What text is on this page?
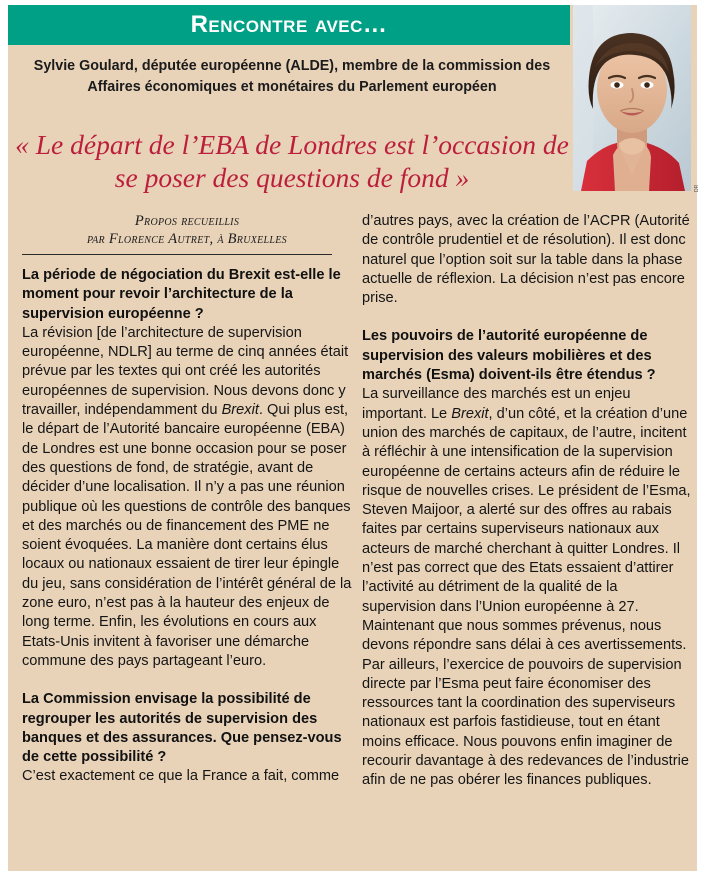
Rencontre avec…
DR
Sylvie Goulard, députée européenne (ALDE), membre de la commission des Affaires économiques et monétaires du Parlement européen
« Le départ de l’EBA de Londres est l’occasion de se poser des questions de fond »
Propos recueillis
par Florence Autret, à Bruxelles

La période de négociation du Brexit est-elle le moment pour revoir l’architecture de la supervision européenne ?

La révision [de l’architecture de supervision européenne, NDLR] au terme de cinq années était prévue par les textes qui ont créé les autorités européennes de supervision. Nous devons donc y travailler, indépendamment du Brexit. Qui plus est, le départ de l’Autorité bancaire européenne (EBA) de Londres est une bonne occasion pour se poser des questions de fond, de stratégie, avant de décider d’une localisation. Il n’y a pas une réunion publique où les questions de contrôle des banques et des marchés ou de financement des PME ne soient évoquées. La manière dont certains élus locaux ou nationaux essaient de tirer leur épingle du jeu, sans considération de l’intérêt général de la zone euro, n’est pas à la hauteur des enjeux de long terme. Enfin, les évolutions en cours aux Etats-Unis invitent à favoriser une démarche commune des pays partageant l’euro.

La Commission envisage la possibilité de regrouper les autorités de supervision des banques et des assurances. Que pensez-vous de cette possibilité ?

C’est exactement ce que la France a fait, comme

d’autres pays, avec la création de l’ACPR (Autorité de contrôle prudentiel et de résolution). Il est donc naturel que l’option soit sur la table dans la phase actuelle de réflexion. La décision n’est pas encore prise.

Les pouvoirs de l’autorité européenne de supervision des valeurs mobilières et des marchés (Esma) doivent-ils être étendus ?

La surveillance des marchés est un enjeu important. Le Brexit, d’un côté, et la création d’une union des marchés de capitaux, de l’autre, incitent à réfléchir à une intensification de la supervision européenne de certains acteurs afin de réduire le risque de nouvelles crises. Le président de l’Esma, Steven Maijoor, a alerté sur des offres au rabais faites par certains superviseurs nationaux aux acteurs de marché cherchant à quitter Londres. Il n’est pas correct que des Etats essaient d’attirer l’activité au détriment de la qualité de la supervision dans l’Union européenne à 27. Maintenant que nous sommes prévenus, nous devons répondre sans délai à ces avertissements. Par ailleurs, l’exercice de pouvoirs de supervision directe par l’Esma peut faire économiser des ressources tant la coordination des superviseurs nationaux est parfois fastidieuse, tout en étant moins efficace. Nous pouvons enfin imaginer de recourir davantage à des redevances de l’industrie afin de ne pas obérer les finances publiques.
